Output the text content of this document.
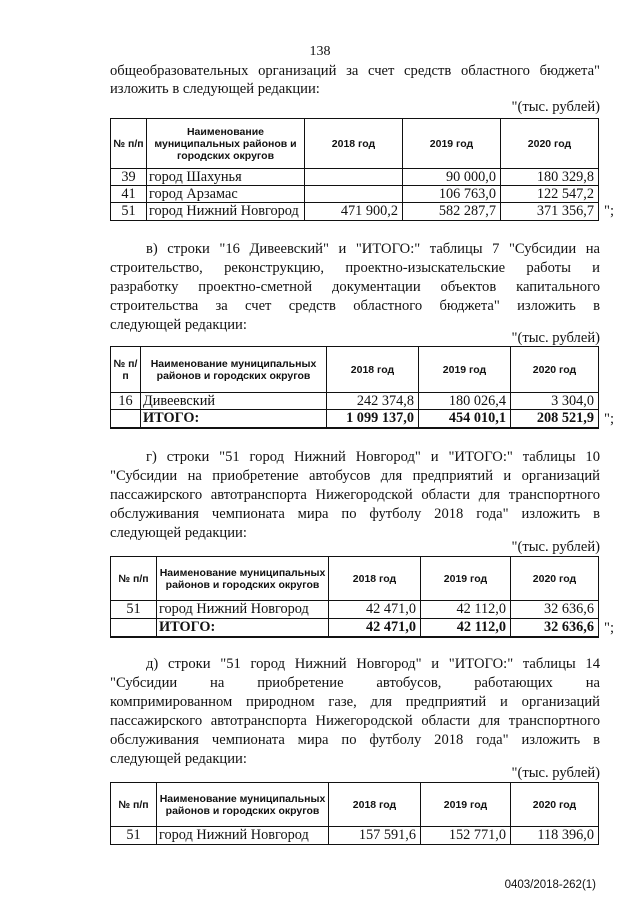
138
общеобразовательных организаций за счет средств областного бюджета"
изложить в следующей редакции:
"(тыс. рублей)
№ п/п	Наименование муниципальных районов и городских округов	2018 год	2019 год	2020 год
39	город Шахунья		90 000,0	180 329,8
41	город Арзамас		106 763,0	122 547,2
51	город Нижний Новгород	471 900,2	582 287,7	371 356,7 ";
в) строки "16 Дивеевский" и "ИТОГО:" таблицы 7 "Субсидии на
строительство, реконструкцию, проектно-изыскательские работы и
разработку проектно-сметной документации объектов капитального
строительства за счет средств областного бюджета" изложить в
следующей редакции:
"(тыс. рублей)
№ п/п	Наименование муниципальных районов и городских округов	2018 год	2019 год	2020 год
16	Дивеевский	242 374,8	180 026,4	3 304,0
	ИТОГО:	1 099 137,0	454 010,1	208 521,9 ";
г) строки "51 город Нижний Новгород" и "ИТОГО:" таблицы 10
"Субсидии на приобретение автобусов для предприятий и организаций
пассажирского автотранспорта Нижегородской области для транспортного
обслуживания чемпионата мира по футболу 2018 года" изложить в
следующей редакции:
"(тыс. рублей)
№ п/п	Наименование муниципальных районов и городских округов	2018 год	2019 год	2020 год
51	город Нижний Новгород	42 471,0	42 112,0	32 636,6
	ИТОГО:	42 471,0	42 112,0	32 636,6 ";
д) строки "51 город Нижний Новгород" и "ИТОГО:" таблицы 14
"Субсидии на приобретение автобусов, работающих на
компримированном природном газе, для предприятий и организаций
пассажирского автотранспорта Нижегородской области для транспортного
обслуживания чемпионата мира по футболу 2018 года" изложить в
следующей редакции:
"(тыс. рублей)
№ п/п	Наименование муниципальных районов и городских округов	2018 год	2019 год	2020 год
51	город Нижний Новгород	157 591,6	152 771,0	118 396,0
0403/2018-262(1)
